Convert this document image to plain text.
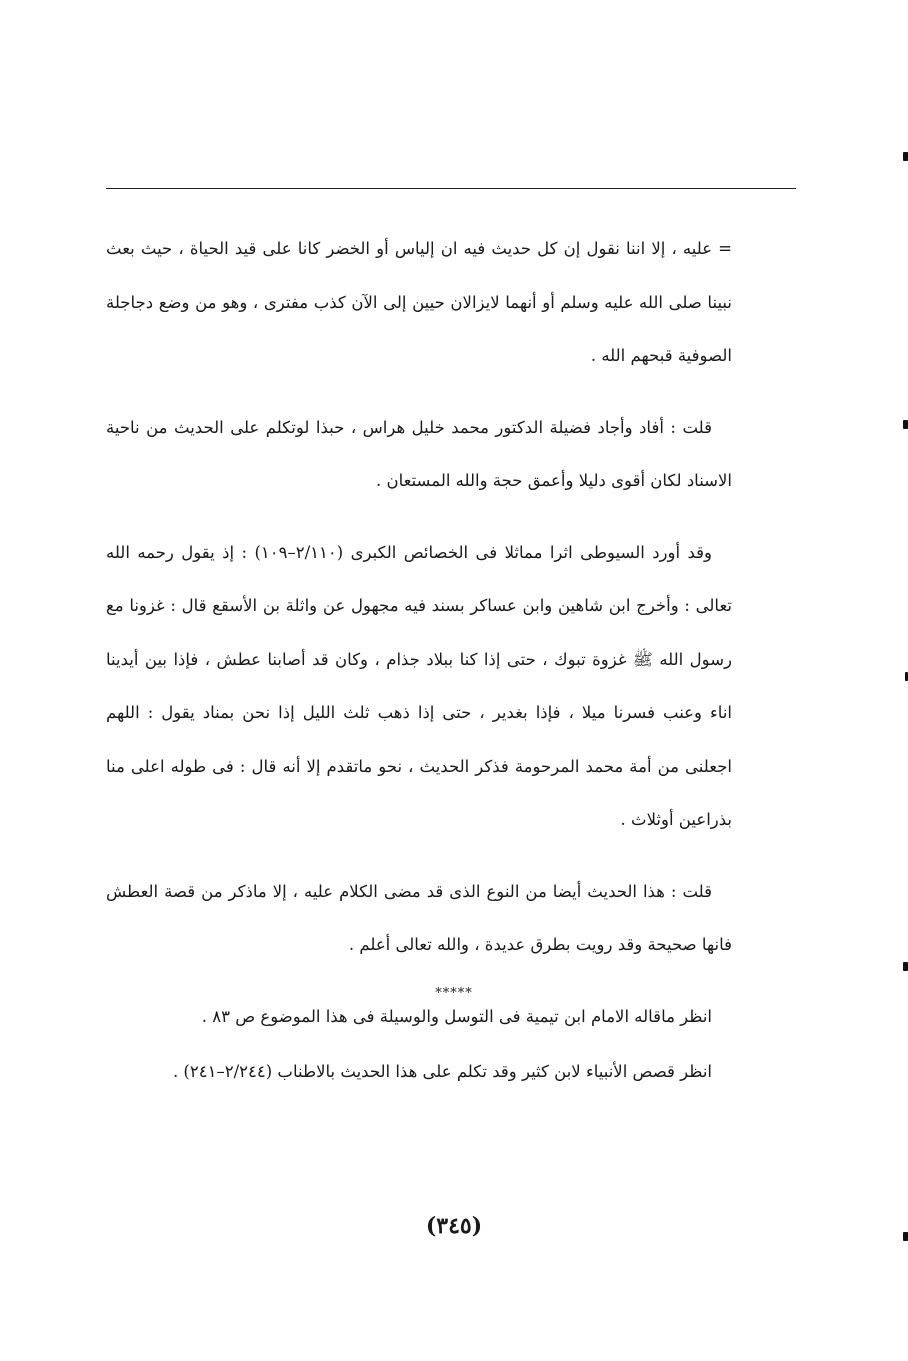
= عليه ، إلا اننا نقول إن كل حديث فيه ان إلياس أو الخضر كانا على قيد الحياة ، حيث بعث نبينا صلى الله عليه وسلم أو أنهما لايزالان حيين إلى الآن كذب مفترى ، وهو من وضع دجاجلة الصوفية قبحهم الله .

قلت : أفاد وأجاد فضيلة الدكتور محمد خليل هراس ، حبذا لوتكلم على الحديث من ناحية الاسناد لكان أقوى دليلا وأعمق حجة والله المستعان .

وقد أورد السيوطى اثرا مماثلا فى الخصائص الكبرى (٢/١١٠–١٠٩) : إذ يقول رحمه الله تعالى : وأخرج ابن شاهين وابن عساكر بسند فيه مجهول عن واثلة بن الأسقع قال : غزونا مع رسول الله ﷺ غزوة تبوك ، حتى إذا كنا ببلاد جذام ، وكان قد أصابنا عطش ، فإذا بين أيدينا اناء وعنب فسرنا ميلا ، فإذا بغدير ، حتى إذا ذهب ثلث الليل إذا نحن بمناد يقول : اللهم اجعلنى من أمة محمد المرحومة فذكر الحديث ، نحو ماتقدم إلا أنه قال : فى طوله اعلى منا بذراعين أوثلاث .

قلت : هذا الحديث أيضا من النوع الذى قد مضى الكلام عليه ، إلا ماذكر من قصة العطش فانها صحيحة وقد رويت بطرق عديدة ، والله تعالى أعلم .

انظر ماقاله الامام ابن تيمية فى التوسل والوسيلة فى هذا الموضوع ص ٨٣ .

انظر قصص الأنبياء لابن كثير وقد تكلم على هذا الحديث بالاطناب (٢/٢٤٤–٢٤١) .

*****
(٣٤٥)
